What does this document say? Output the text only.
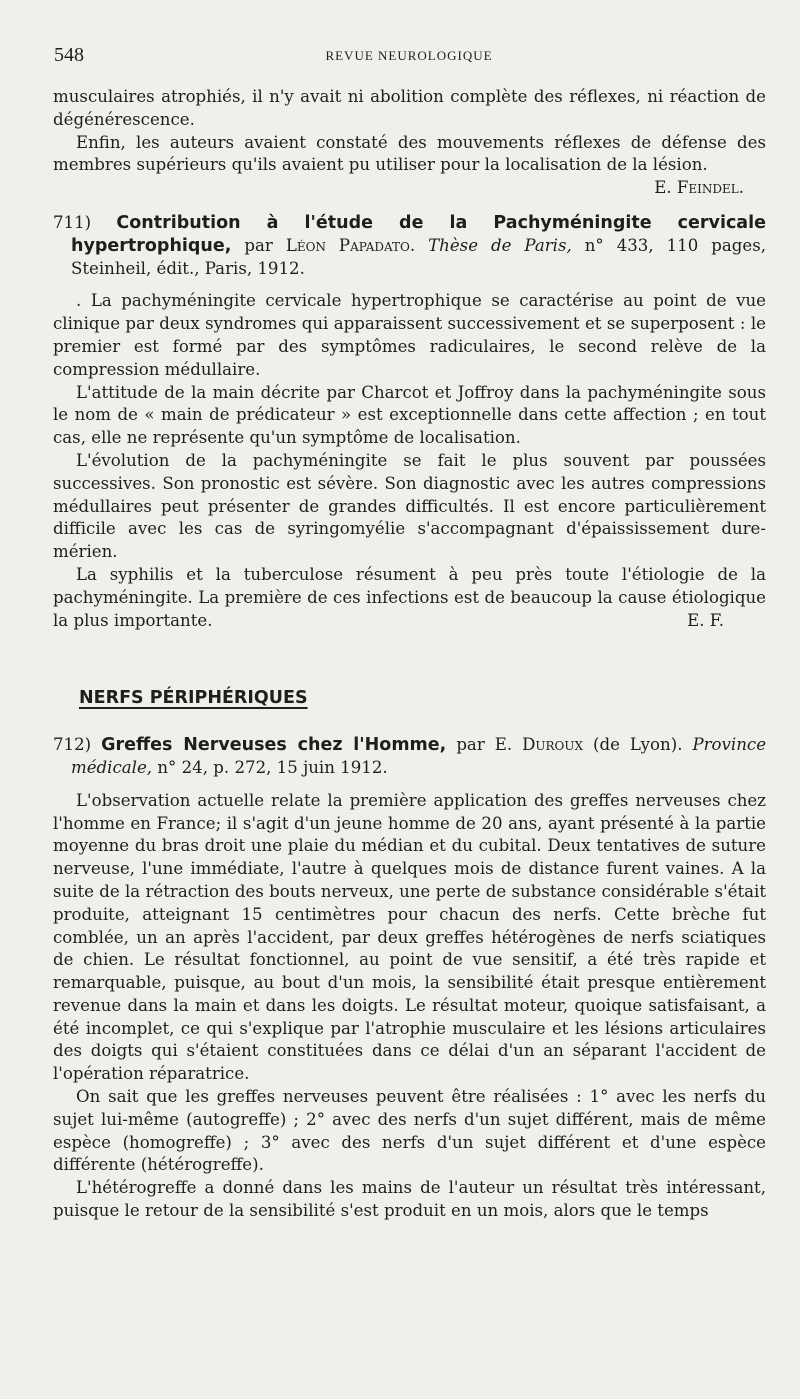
548	REVUE NEUROLOGIQUE

musculaires atrophiés, il n'y avait ni abolition complète des réflexes, ni réaction de dégénérescence.

Enfin, les auteurs avaient constaté des mouvements réflexes de défense des membres supérieurs qu'ils avaient pu utiliser pour la localisation de la lésion.

E. Feindel.

711) Contribution à l'étude de la Pachyméningite cervicale hypertrophique, par Léon Papadato. Thèse de Paris, n° 433, 110 pages, Steinheil, édit., Paris, 1912.

. La pachyméningite cervicale hypertrophique se caractérise au point de vue clinique par deux syndromes qui apparaissent successivement et se superposent : le premier est formé par des symptômes radiculaires, le second relève de la compression médullaire.

L'attitude de la main décrite par Charcot et Joffroy dans la pachyméningite sous le nom de « main de prédicateur » est exceptionnelle dans cette affection ; en tout cas, elle ne représente qu'un symptôme de localisation.

L'évolution de la pachyméningite se fait le plus souvent par poussées successives. Son pronostic est sévère. Son diagnostic avec les autres compressions médullaires peut présenter de grandes difficultés. Il est encore particulièrement difficile avec les cas de syringomyélie s'accompagnant d'épaississement dure-mérien.

La syphilis et la tuberculose résument à peu près toute l'étiologie de la pachyméningite. La première de ces infections est de beaucoup la cause étiologique la plus importante.	E. F.

NERFS PÉRIPHÉRIQUES

712) Greffes Nerveuses chez l'Homme, par E. Duroux (de Lyon). Province médicale, n° 24, p. 272, 15 juin 1912.

L'observation actuelle relate la première application des greffes nerveuses chez l'homme en France; il s'agit d'un jeune homme de 20 ans, ayant présenté à la partie moyenne du bras droit une plaie du médian et du cubital. Deux tentatives de suture nerveuse, l'une immédiate, l'autre à quelques mois de distance furent vaines. A la suite de la rétraction des bouts nerveux, une perte de substance considérable s'était produite, atteignant 15 centimètres pour chacun des nerfs. Cette brèche fut comblée, un an après l'accident, par deux greffes hétérogènes de nerfs sciatiques de chien. Le résultat fonctionnel, au point de vue sensitif, a été très rapide et remarquable, puisque, au bout d'un mois, la sensibilité était presque entièrement revenue dans la main et dans les doigts. Le résultat moteur, quoique satisfaisant, a été incomplet, ce qui s'explique par l'atrophie musculaire et les lésions articulaires des doigts qui s'étaient constituées dans ce délai d'un an séparant l'accident de l'opération réparatrice.

On sait que les greffes nerveuses peuvent être réalisées : 1° avec les nerfs du sujet lui-même (autogreffe) ; 2° avec des nerfs d'un sujet différent, mais de même espèce (homogreffe) ; 3° avec des nerfs d'un sujet différent et d'une espèce différente (hétérogreffe).

L'hétérogreffe a donné dans les mains de l'auteur un résultat très intéressant, puisque le retour de la sensibilité s'est produit en un mois, alors que le temps
